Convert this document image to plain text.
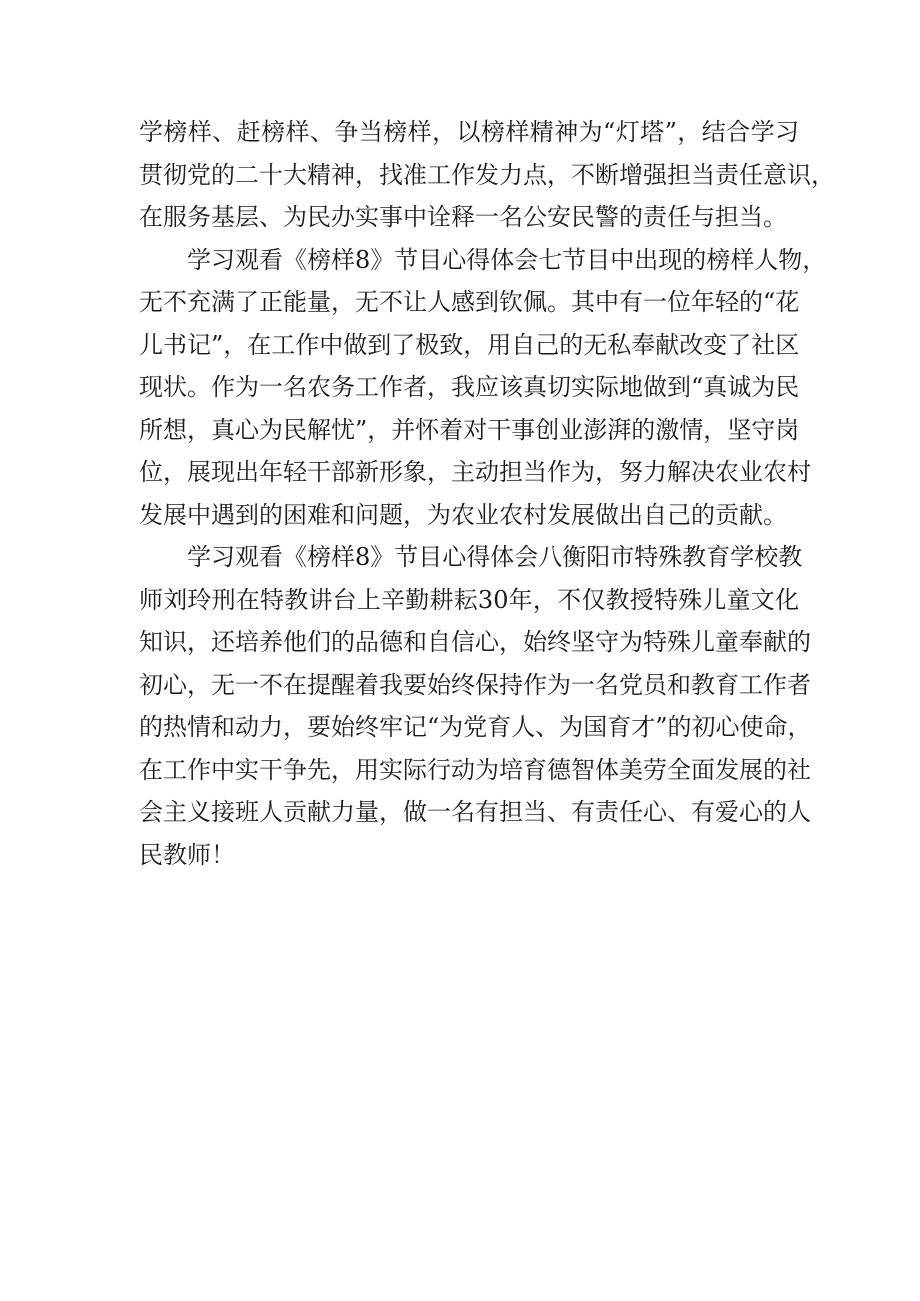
学榜样、赶榜样、争当榜样，以榜样精神为“灯塔”，结合学习
贯彻党的二十大精神，找准工作发力点，不断增强担当责任意识，
在服务基层、为民办实事中诠释一名公安民警的责任与担当。
学习观看《榜样8》节目心得体会七节目中出现的榜样人物，
无不充满了正能量，无不让人感到钦佩。其中有一位年轻的“花
儿书记”，在工作中做到了极致，用自己的无私奉献改变了社区
现状。作为一名农务工作者，我应该真切实际地做到“真诚为民
所想，真心为民解忧”，并怀着对干事创业澎湃的激情，坚守岗
位，展现出年轻干部新形象，主动担当作为，努力解决农业农村
发展中遇到的困难和问题，为农业农村发展做出自己的贡献。
学习观看《榜样8》节目心得体会八衡阳市特殊教育学校教
师刘玲刑在特教讲台上辛勤耕耘30年，不仅教授特殊儿童文化
知识，还培养他们的品德和自信心，始终坚守为特殊儿童奉献的
初心，无一不在提醒着我要始终保持作为一名党员和教育工作者
的热情和动力，要始终牢记“为党育人、为国育才”的初心使命，
在工作中实干争先，用实际行动为培育德智体美劳全面发展的社
会主义接班人贡献力量，做一名有担当、有责任心、有爱心的人
民教师！
